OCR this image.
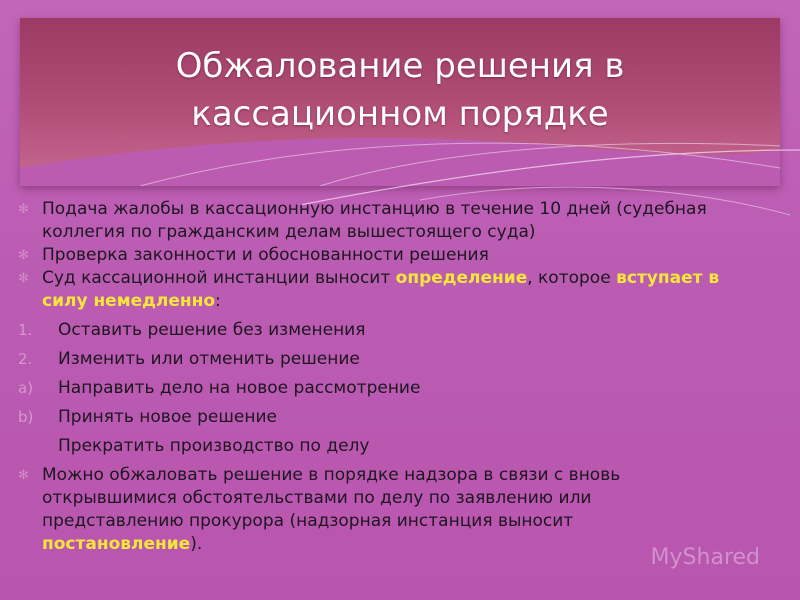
Обжалование решения в
кассационном порядке
✻ Подача жалобы в кассационную инстанцию в течение 10 дней (судебная коллегия по гражданским делам вышестоящего суда)
✻ Проверка законности и обоснованности решения
✻ Суд кассационной инстанции выносит определение, которое вступает в силу немедленно:
1. Оставить решение без изменения
2. Изменить или отменить решение
а) Направить дело на новое рассмотрение
b) Принять новое решение
Прекратить производство по делу
✻ Можно обжаловать решение в порядке надзора в связи с вновь открывшимися обстоятельствами по делу по заявлению или представлению прокурора (надзорная инстанция выносит постановление).
MyShared
